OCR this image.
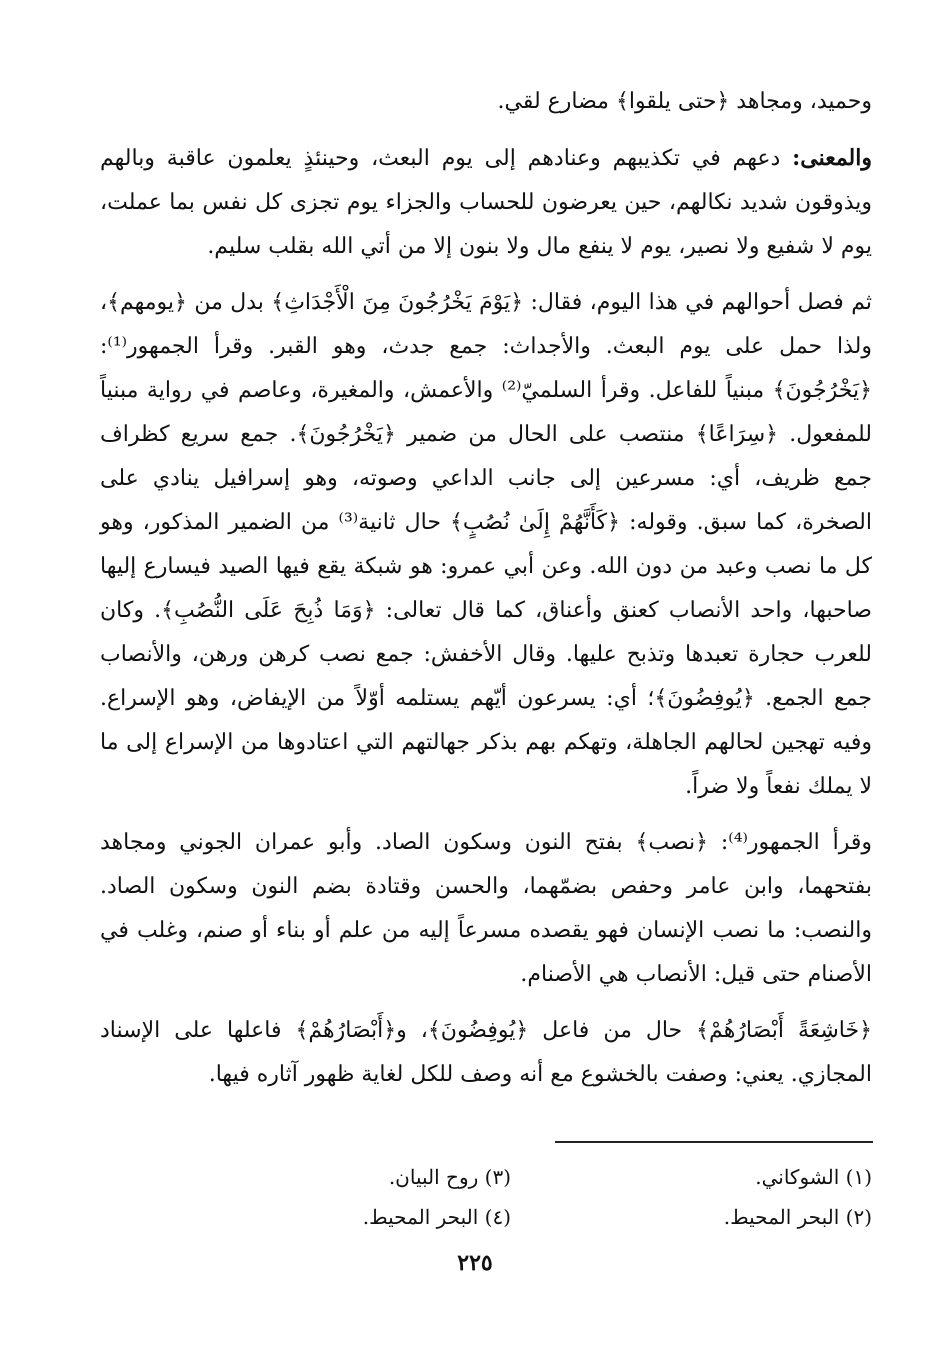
وحميد، ومجاهد ﴿حتى يلقوا﴾ مضارع لقي.

والمعنى: دعهم في تكذيبهم وعنادهم إلى يوم البعث، وحينئذٍ يعلمون عاقبة وبالهم ويذوقون شديد نكالهم، حين يعرضون للحساب والجزاء يوم تجزى كل نفس بما عملت، يوم لا شفيع ولا نصير، يوم لا ينفع مال ولا بنون إلا من أتي الله بقلب سليم.

ثم فصل أحوالهم في هذا اليوم، فقال: ﴿يَوْمَ يَخْرُجُونَ مِنَ الْأَجْدَاثِ﴾ بدل من ﴿يومهم﴾، ولذا حمل على يوم البعث. والأجداث: جمع جدث، وهو القبر. وقرأ الجمهور⁽¹⁾: ﴿يَخْرُجُونَ﴾ مبنياً للفاعل. وقرأ السلميّ⁽²⁾ والأعمش، والمغيرة، وعاصم في رواية مبنياً للمفعول. ﴿سِرَاعًا﴾ منتصب على الحال من ضمير ﴿يَخْرُجُونَ﴾. جمع سريع كظراف جمع ظريف، أي: مسرعين إلى جانب الداعي وصوته، وهو إسرافيل ينادي على الصخرة، كما سبق. وقوله: ﴿كَأَنَّهُمْ إِلَىٰ نُصُبٍ﴾ حال ثانية⁽³⁾ من الضمير المذكور، وهو كل ما نصب وعبد من دون الله. وعن أبي عمرو: هو شبكة يقع فيها الصيد فيسارع إليها صاحبها، واحد الأنصاب كعنق وأعناق، كما قال تعالى: ﴿وَمَا ذُبِحَ عَلَى النُّصُبِ﴾. وكان للعرب حجارة تعبدها وتذبح عليها. وقال الأخفش: جمع نصب كرهن ورهن، والأنصاب جمع الجمع. ﴿يُوفِضُونَ﴾؛ أي: يسرعون أيّهم يستلمه أوّلاً من الإيفاض، وهو الإسراع. وفيه تهجين لحالهم الجاهلة، وتهكم بهم بذكر جهالتهم التي اعتادوها من الإسراع إلى ما لا يملك نفعاً ولا ضراً.

وقرأ الجمهور⁽⁴⁾: ﴿نصب﴾ بفتح النون وسكون الصاد. وأبو عمران الجوني ومجاهد بفتحهما، وابن عامر وحفص بضمّهما، والحسن وقتادة بضم النون وسكون الصاد. والنصب: ما نصب الإنسان فهو يقصده مسرعاً إليه من علم أو بناء أو صنم، وغلب في الأصنام حتى قيل: الأنصاب هي الأصنام.

﴿خَاشِعَةً أَبْصَارُهُمْ﴾ حال من فاعل ﴿يُوفِضُونَ﴾، و﴿أَبْصَارُهُمْ﴾ فاعلها على الإسناد المجازي. يعني: وصفت بالخشوع مع أنه وصف للكل لغاية ظهور آثاره فيها.

(١) الشوكاني.
(٣) روح البيان.
(٢) البحر المحيط.
(٤) البحر المحيط.
٢٢٥
